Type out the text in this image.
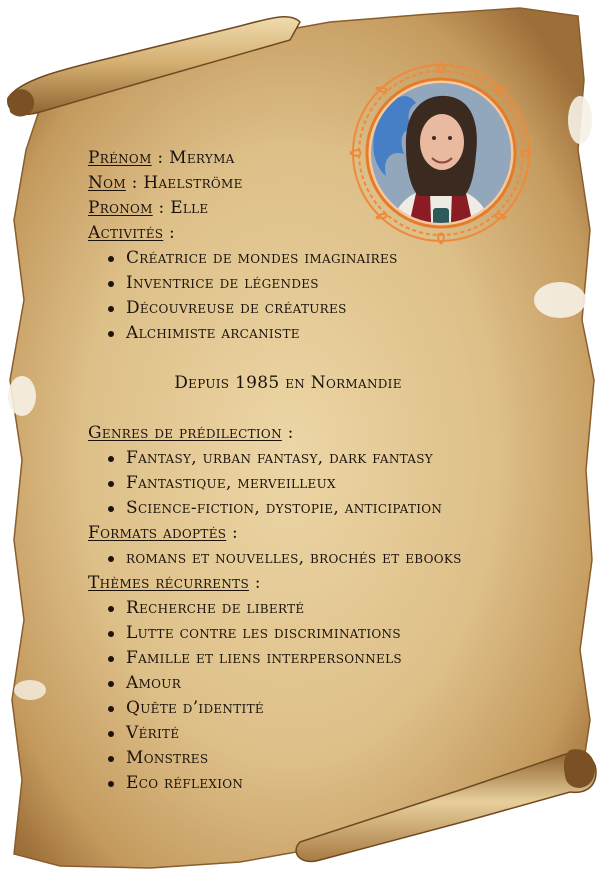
Prénom : Meryma

Nom : Haelströme

Pronom : Elle

Activités :

Créatrice de mondes imaginaires
Inventrice de légendes
Découvreuse de créatures
Alchimiste arcaniste

Depuis 1985 en Normandie

Genres de prédilection :

Fantasy, urban fantasy, dark fantasy
Fantastique, merveilleux
Science-fiction, dystopie, anticipation

Formats adoptés :

romans et nouvelles, brochés et ebooks

Thèmes récurrents :

Recherche de liberté
Lutte contre les discriminations
Famille et liens interpersonnels
Amour
Quête d’identité
Vérité
Monstres
Eco réflexion
